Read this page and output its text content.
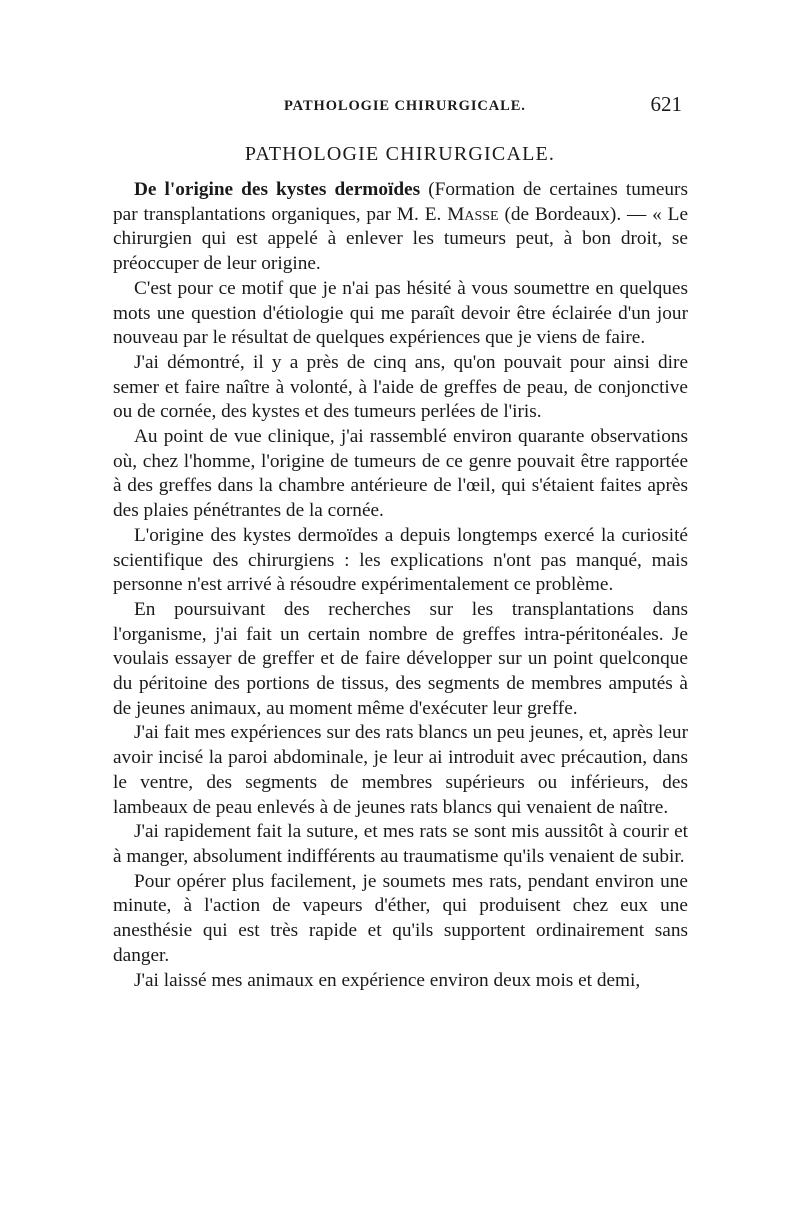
PATHOLOGIE CHIRURGICALE.	621
PATHOLOGIE CHIRURGICALE.

De l'origine des kystes dermoïdes (Formation de certaines tumeurs par transplantations organiques, par M. E. Masse (de Bordeaux). — « Le chirurgien qui est appelé à enlever les tumeurs peut, à bon droit, se préoccuper de leur origine.

C'est pour ce motif que je n'ai pas hésité à vous soumettre en quelques mots une question d'étiologie qui me paraît devoir être éclairée d'un jour nouveau par le résultat de quelques expériences que je viens de faire.

J'ai démontré, il y a près de cinq ans, qu'on pouvait pour ainsi dire semer et faire naître à volonté, à l'aide de greffes de peau, de conjonctive ou de cornée, des kystes et des tumeurs perlées de l'iris.

Au point de vue clinique, j'ai rassemblé environ quarante observations où, chez l'homme, l'origine de tumeurs de ce genre pouvait être rapportée à des greffes dans la chambre antérieure de l'œil, qui s'étaient faites après des plaies pénétrantes de la cornée.

L'origine des kystes dermoïdes a depuis longtemps exercé la curiosité scientifique des chirurgiens : les explications n'ont pas manqué, mais personne n'est arrivé à résoudre expérimentalement ce problème.

En poursuivant des recherches sur les transplantations dans l'organisme, j'ai fait un certain nombre de greffes intra-péritonéales. Je voulais essayer de greffer et de faire développer sur un point quelconque du péritoine des portions de tissus, des segments de membres amputés à de jeunes animaux, au moment même d'exécuter leur greffe.

J'ai fait mes expériences sur des rats blancs un peu jeunes, et, après leur avoir incisé la paroi abdominale, je leur ai introduit avec précaution, dans le ventre, des segments de membres supérieurs ou inférieurs, des lambeaux de peau enlevés à de jeunes rats blancs qui venaient de naître.

J'ai rapidement fait la suture, et mes rats se sont mis aussitôt à courir et à manger, absolument indifférents au traumatisme qu'ils venaient de subir.

Pour opérer plus facilement, je soumets mes rats, pendant environ une minute, à l'action de vapeurs d'éther, qui produisent chez eux une anesthésie qui est très rapide et qu'ils supportent ordinairement sans danger.

J'ai laissé mes animaux en expérience environ deux mois et demi,
